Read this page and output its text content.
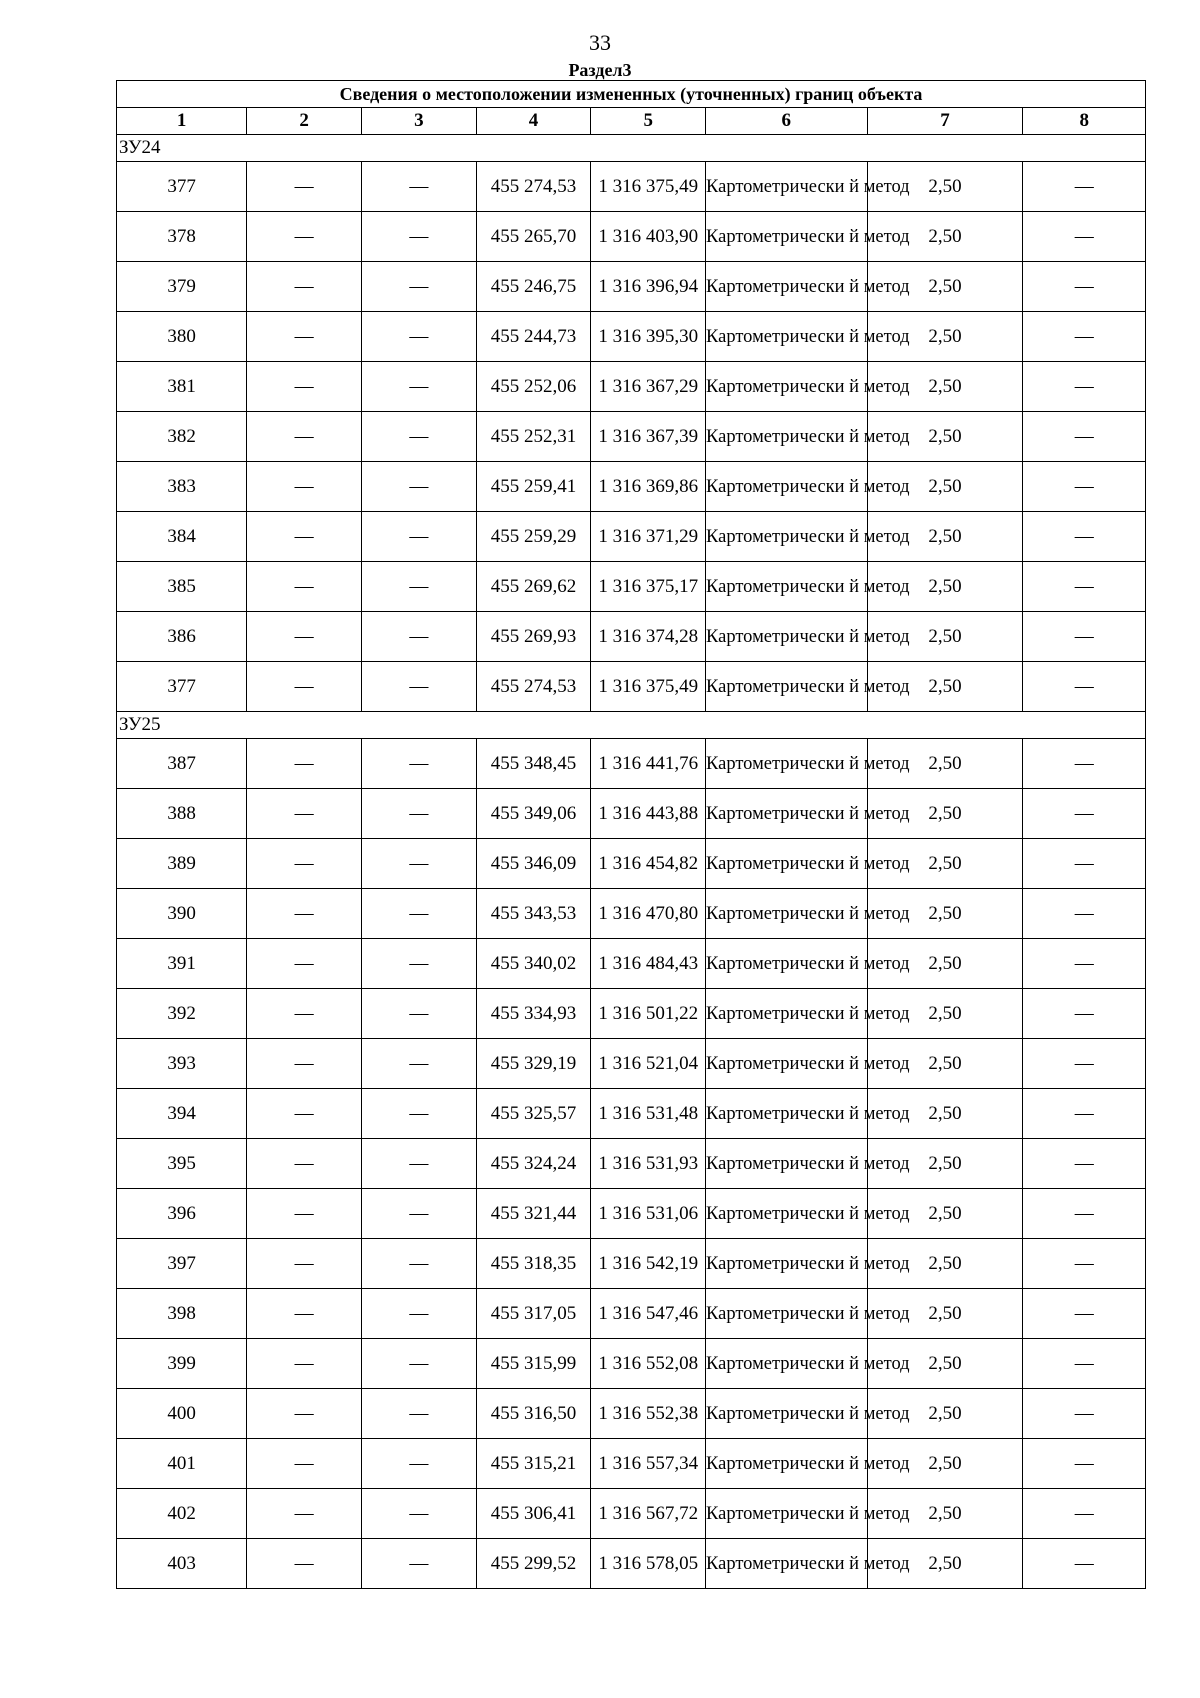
33
Раздел3
Сведения о местоположении измененных (уточненных) границ объекта							
1	2	3	4	5	6	7	8
ЗУ24							
377	—	—	455 274,53	1 316 375,49	Картометрически й метод	2,50	—
378	—	—	455 265,70	1 316 403,90	Картометрически й метод	2,50	—
379	—	—	455 246,75	1 316 396,94	Картометрически й метод	2,50	—
380	—	—	455 244,73	1 316 395,30	Картометрически й метод	2,50	—
381	—	—	455 252,06	1 316 367,29	Картометрически й метод	2,50	—
382	—	—	455 252,31	1 316 367,39	Картометрически й метод	2,50	—
383	—	—	455 259,41	1 316 369,86	Картометрически й метод	2,50	—
384	—	—	455 259,29	1 316 371,29	Картометрически й метод	2,50	—
385	—	—	455 269,62	1 316 375,17	Картометрически й метод	2,50	—
386	—	—	455 269,93	1 316 374,28	Картометрически й метод	2,50	—
377	—	—	455 274,53	1 316 375,49	Картометрически й метод	2,50	—
ЗУ25							
387	—	—	455 348,45	1 316 441,76	Картометрически й метод	2,50	—
388	—	—	455 349,06	1 316 443,88	Картометрически й метод	2,50	—
389	—	—	455 346,09	1 316 454,82	Картометрически й метод	2,50	—
390	—	—	455 343,53	1 316 470,80	Картометрически й метод	2,50	—
391	—	—	455 340,02	1 316 484,43	Картометрически й метод	2,50	—
392	—	—	455 334,93	1 316 501,22	Картометрически й метод	2,50	—
393	—	—	455 329,19	1 316 521,04	Картометрически й метод	2,50	—
394	—	—	455 325,57	1 316 531,48	Картометрически й метод	2,50	—
395	—	—	455 324,24	1 316 531,93	Картометрически й метод	2,50	—
396	—	—	455 321,44	1 316 531,06	Картометрически й метод	2,50	—
397	—	—	455 318,35	1 316 542,19	Картометрически й метод	2,50	—
398	—	—	455 317,05	1 316 547,46	Картометрически й метод	2,50	—
399	—	—	455 315,99	1 316 552,08	Картометрически й метод	2,50	—
400	—	—	455 316,50	1 316 552,38	Картометрически й метод	2,50	—
401	—	—	455 315,21	1 316 557,34	Картометрически й метод	2,50	—
402	—	—	455 306,41	1 316 567,72	Картометрически й метод	2,50	—
403	—	—	455 299,52	1 316 578,05	Картометрически й метод	2,50	—
